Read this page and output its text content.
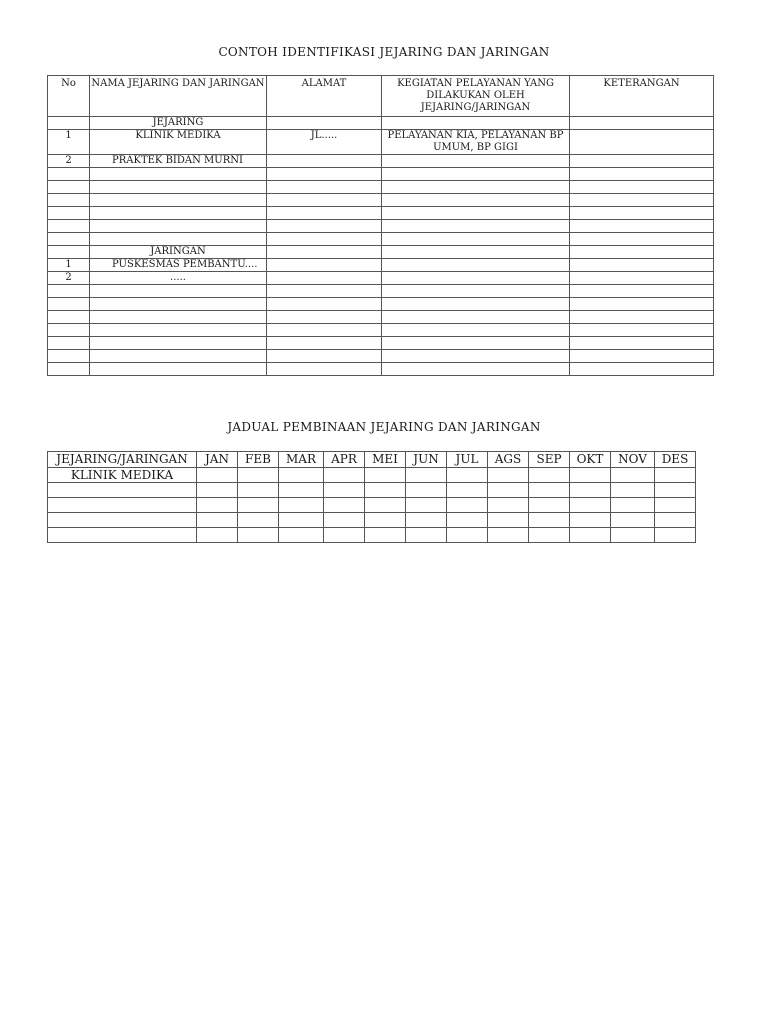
CONTOH IDENTIFIKASI JEJARING DAN JARINGAN
No	NAMA JEJARING DAN JARINGAN	ALAMAT	KEGIATAN PELAYANAN YANG DILAKUKAN OLEH JEJARING/JARINGAN	KETERANGAN
	JEJARING			
1	KLINIK MEDIKA	JL.....	PELAYANAN KIA, PELAYANAN BP UMUM, BP GIGI	
2	PRAKTEK BIDAN MURNI			

	JARINGAN			
1	PUSKESMAS PEMBANTU....			
2	.....			

JADUAL PEMBINAAN JEJARING DAN JARINGAN
JEJARING/JARINGAN	JAN	FEB	MAR	APR	MEI	JUN	JUL	AGS	SEP	OKT	NOV	DES
KLINIK MEDIKA												
